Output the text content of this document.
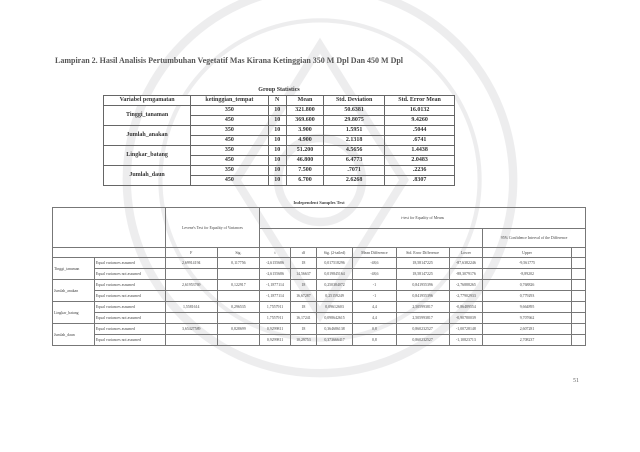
Lampiran 2. Hasil Analisis Pertumbuhan Vegetatif Mas Kirana Ketinggian 350 M Dpl Dan 450 M Dpl
Group Statistics					
Variabel pengamatan	ketinggian_tempat	N	Mean	Std. Deviation	Std. Error Mean
Tinggi_tanaman	350	10	321.800	50.6381	16.0132
	450	10	369.600	29.8075	9.4260
Jumlah_anakan	350	10	3.900	1.5951	.5044
	450	10	4.900	2.1318	.6741
Lingkar_batang	350	10	51.200	4.5656	1.4438
	450	10	46.800	6.4773	2.0483
Jumlah_daun	350	10	7.500	.7071	.2236
	450	10	6.700	2.6268	.8307
Independent Samples Test											
		Levene's Test for Equality of Variances		t-test for Equality of Means							
										95% Confidence Interval of the Difference	
		F	Sig.	t	df	Sig. (2-tailed)	Mean Difference	Std. Error Difference	Lower	Upper	
Tinggi_tanaman	Equal variances assumed	2,69914194	0,117756	-2,6155686	18	0,017518296	-48,6	18,58147225	-87,6382246	-9,561775	
	Equal variances not assumed			-2,6155686	14,56637	0,019845164	-48,6	18,58147225	-88,3079176	-8,89202	
Jumlah_anakan	Equal variances assumed	2,61953769	0,122917	-1,1877114	18	0,250384072	-1	0,841955396	-2,76888265	0,768826	
	Equal variances not assumed			-1,1877114	16,67287	0,25159249	-1	0,841955396	-2,77902933	0,779293	
Lingkar_batang	Equal variances assumed	1,5581614	0,296535	1,7557911	18	0,09612603	4,4	2,505993817	-0,86489554	9,664895	
	Equal variances not assumed			1,7557911	16,17241	0,098642615	4,4	2,505993817	-0,90780039	9,707662	
Jumlah_daun	Equal variances assumed	3,65427589	0,828699	0,9299811	18	0,364686138	0,8	0,860232527	-1,00728148	2,607281	
	Equal variances not assumed			0,9299811	10,29753	0,373666417	0,8	0,860232527	-1,10823713	2,708237	
51
